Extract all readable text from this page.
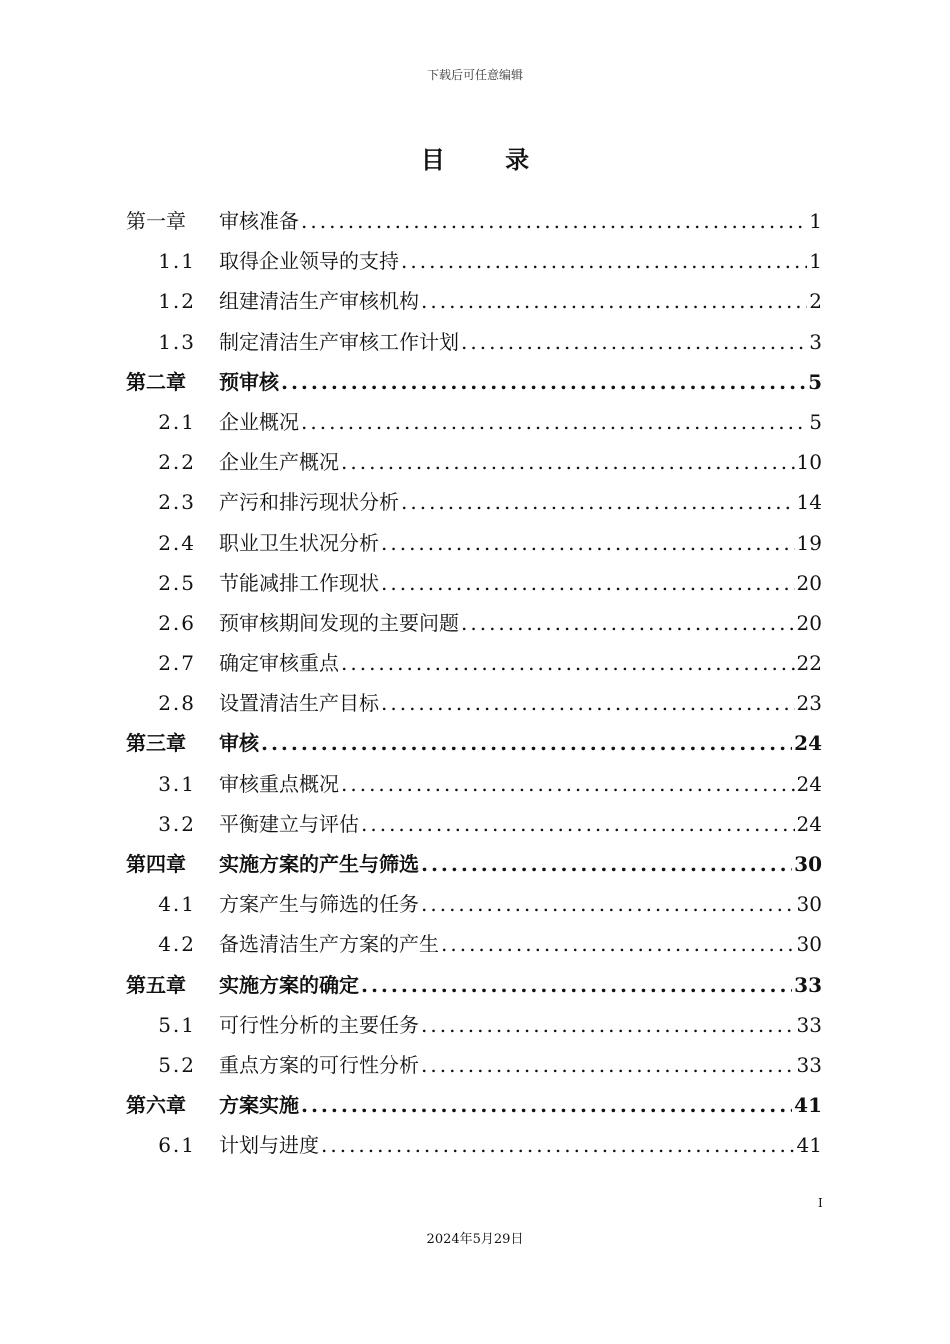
下载后可任意编辑
目 录
第一章	审核准备 .....	1
1.1 取得企业领导的支持 .....	1
1.2 组建清洁生产审核机构 .....	2
1.3 制定清洁生产审核工作计划 .....	3
第二章	预审核 .....	5
2.1 企业概况 .....	5
2.2 企业生产概况 .....	10
2.3 产污和排污现状分析 .....	14
2.4 职业卫生状况分析 .....	19
2.5 节能减排工作现状 .....	20
2.6 预审核期间发现的主要问题 .....	20
2.7 确定审核重点 .....	22
2.8 设置清洁生产目标 .....	23
第三章	审核 .....	24
3.1 审核重点概况 .....	24
3.2 平衡建立与评估 .....	24
第四章	实施方案的产生与筛选 .....	30
4.1 方案产生与筛选的任务 .....	30
4.2 备选清洁生产方案的产生 .....	30
第五章	实施方案的确定 .....	33
5.1 可行性分析的主要任务 .....	33
5.2 重点方案的可行性分析 .....	33
第六章	方案实施 .....	41
6.1 计划与进度 .....	41
I
2024年5月29日
